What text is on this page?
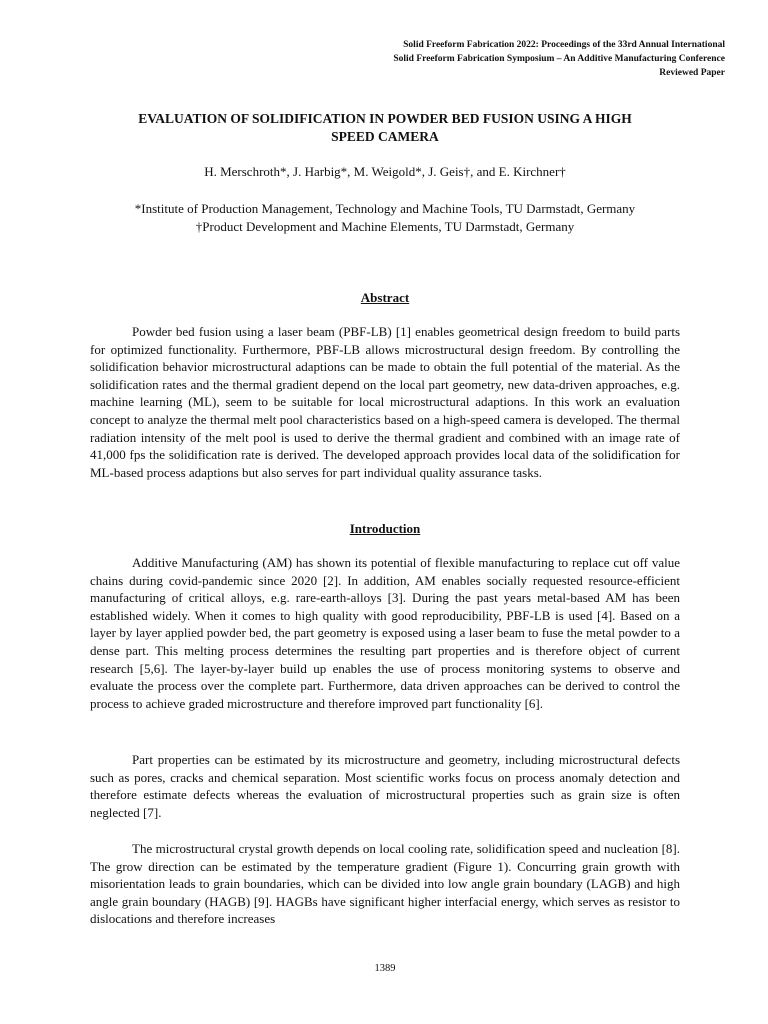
Solid Freeform Fabrication 2022: Proceedings of the 33rd Annual International
Solid Freeform Fabrication Symposium – An Additive Manufacturing Conference
Reviewed Paper
EVALUATION OF SOLIDIFICATION IN POWDER BED FUSION USING A HIGH
SPEED CAMERA
H. Merschroth*, J. Harbig*, M. Weigold*, J. Geis†, and E. Kirchner†
*Institute of Production Management, Technology and Machine Tools, TU Darmstadt, Germany
†Product Development and Machine Elements, TU Darmstadt, Germany
Abstract

Powder bed fusion using a laser beam (PBF-LB) [1] enables geometrical design freedom to build parts for optimized functionality. Furthermore, PBF-LB allows microstructural design freedom. By controlling the solidification behavior microstructural adaptions can be made to obtain the full potential of the material. As the solidification rates and the thermal gradient depend on the local part geometry, new data-driven approaches, e.g. machine learning (ML), seem to be suitable for local microstructural adaptions. In this work an evaluation concept to analyze the thermal melt pool characteristics based on a high-speed camera is developed. The thermal radiation intensity of the melt pool is used to derive the thermal gradient and combined with an image rate of 41,000 fps the solidification rate is derived. The developed approach provides local data of the solidification for ML-based process adaptions but also serves for part individual quality assurance tasks.

Introduction

Additive Manufacturing (AM) has shown its potential of flexible manufacturing to replace cut off value chains during covid-pandemic since 2020 [2]. In addition, AM enables socially requested resource-efficient manufacturing of critical alloys, e.g. rare-earth-alloys [3]. During the past years metal-based AM has been established widely. When it comes to high quality with good reproducibility, PBF-LB is used [4]. Based on a layer by layer applied powder bed, the part geometry is exposed using a laser beam to fuse the metal powder to a dense part. This melting process determines the resulting part properties and is therefore object of current research [5,6]. The layer-by-layer build up enables the use of process monitoring systems to observe and evaluate the process over the complete part. Furthermore, data driven approaches can be derived to control the process to achieve graded microstructure and therefore improved part functionality [6].

Part properties can be estimated by its microstructure and geometry, including microstructural defects such as pores, cracks and chemical separation. Most scientific works focus on process anomaly detection and therefore estimate defects whereas the evaluation of microstructural properties such as grain size is often neglected [7].

The microstructural crystal growth depends on local cooling rate, solidification speed and nucleation [8]. The grow direction can be estimated by the temperature gradient (Figure 1). Concurring grain growth with misorientation leads to grain boundaries, which can be divided into low angle grain boundary (LAGB) and high angle grain boundary (HAGB) [9]. HAGBs have significant higher interfacial energy, which serves as resistor to dislocations and therefore increases

1389
